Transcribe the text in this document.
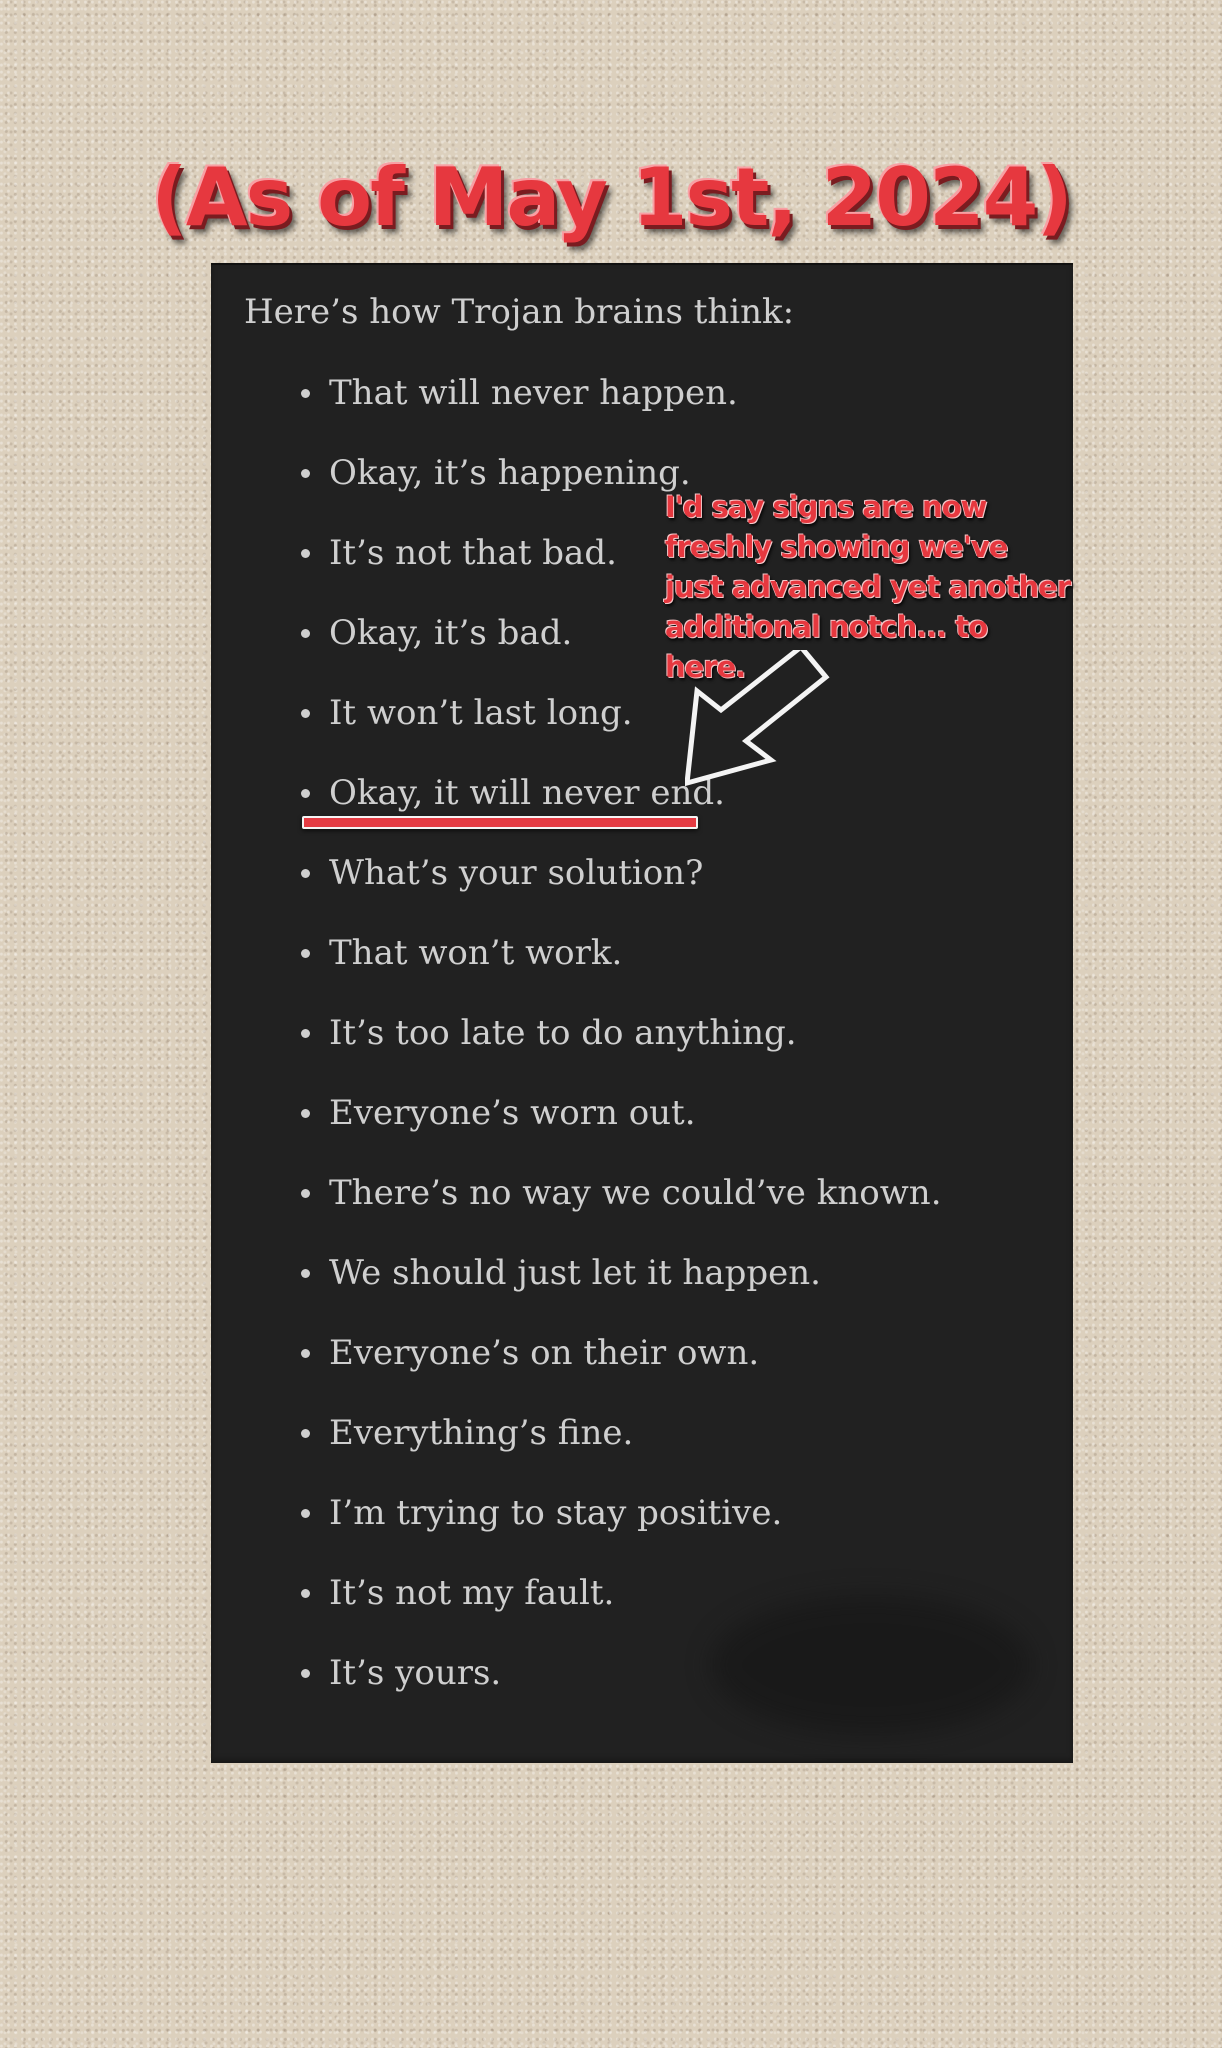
(As of May 1st, 2024)

Here’s how Trojan brains think:

That will never happen.
Okay, it’s happening.
It’s not that bad.
Okay, it’s bad.
It won’t last long.
Okay, it will never end.
What’s your solution?
That won’t work.
It’s too late to do anything.
Everyone’s worn out.
There’s no way we could’ve known.
We should just let it happen.
Everyone’s on their own.
Everything’s fine.
I’m trying to stay positive.
It’s not my fault.
It’s yours.

I'd say signs are now
freshly showing we've
just advanced yet another
additional notch... to here.
